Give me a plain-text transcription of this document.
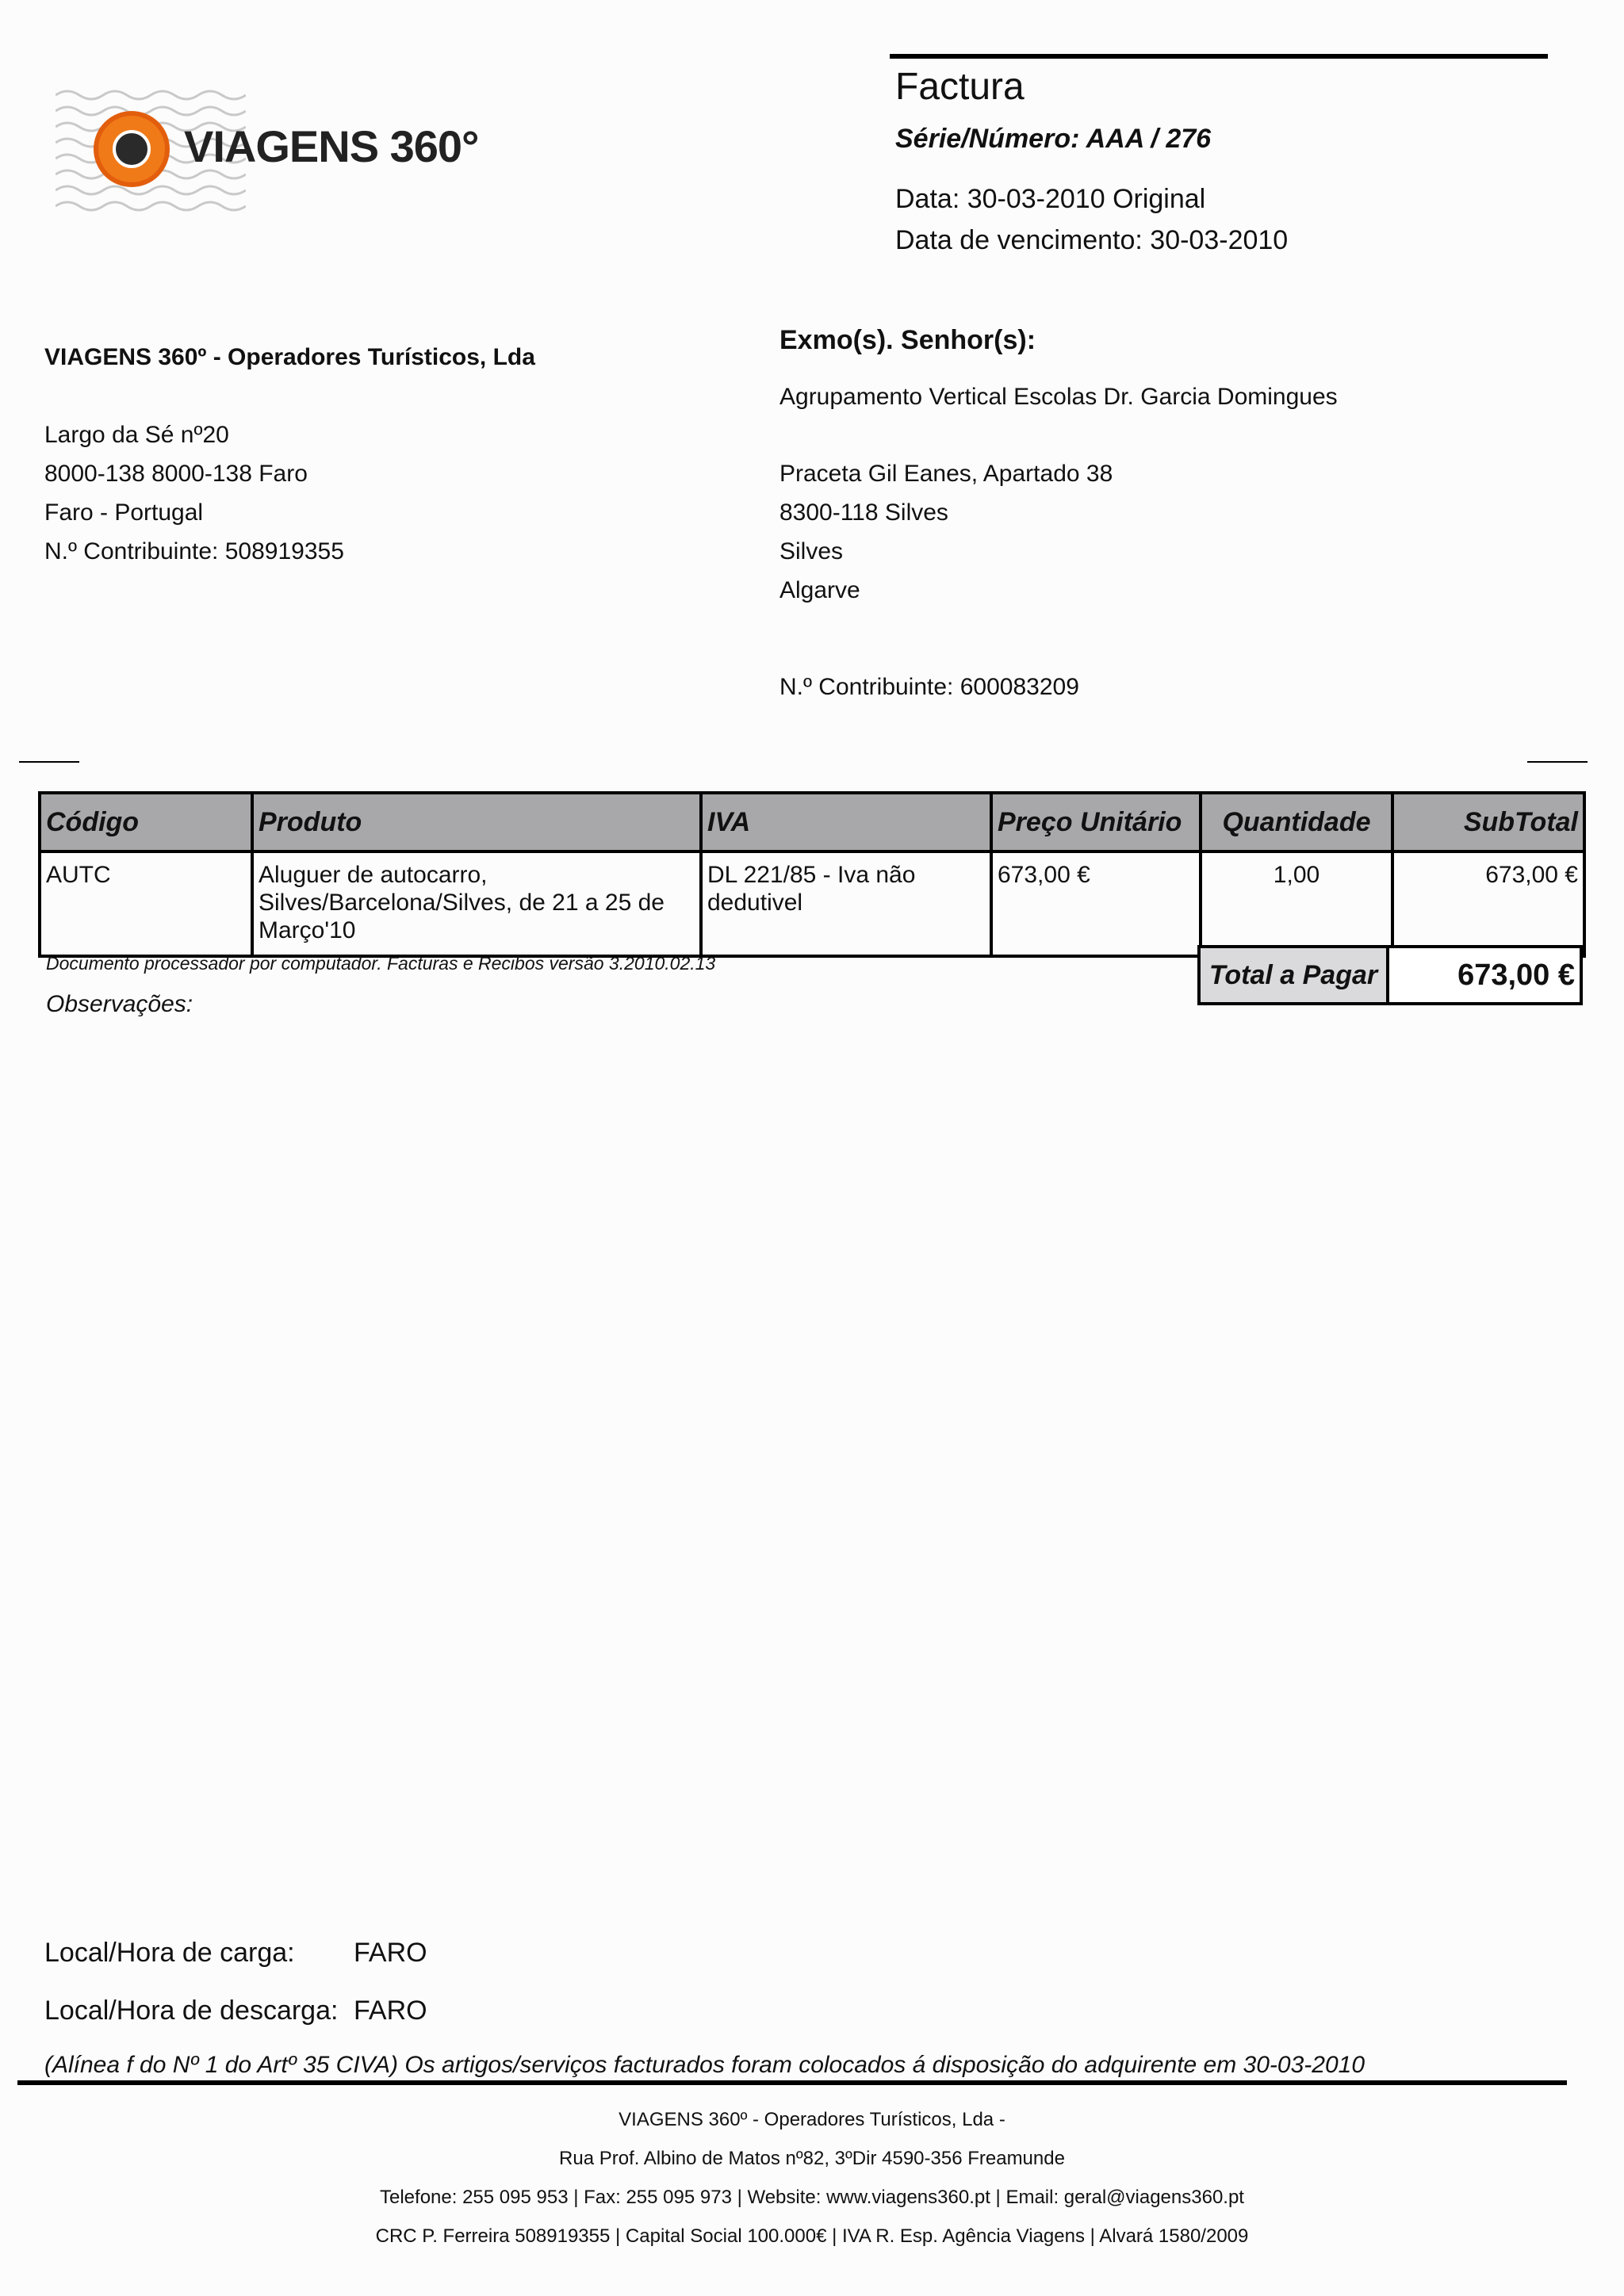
VIAGENS 360°
Factura
Série/Número: AAA / 276
Data: 30-03-2010 Original
Data de vencimento: 30-03-2010
VIAGENS 360º - Operadores Turísticos, Lda
Largo da Sé nº20
8000-138 8000-138 Faro
Faro - Portugal
N.º Contribuinte: 508919355
Exmo(s). Senhor(s):
Agrupamento Vertical Escolas Dr. Garcia Domingues
Praceta Gil Eanes, Apartado 38
8300-118 Silves
Silves
Algarve
N.º Contribuinte: 600083209
Código	Produto	IVA	Preço Unitário	Quantidade	SubTotal
AUTC	Aluguer de autocarro, Silves/Barcelona/Silves, de 21 a 25 de Março'10	DL 221/85 - Iva não dedutivel	673,00 €	1,00	673,00 €
Documento processador por computador. Facturas e Recibos versão 3.2010.02.13
Observações:
Total a Pagar	673,00 €
Local/Hora de carga: FARO
Local/Hora de descarga: FARO
(Alínea f do Nº 1 do Artº 35 CIVA) Os artigos/serviços facturados foram colocados á disposição do adquirente em 30-03-2010
VIAGENS 360º - Operadores Turísticos, Lda -
Rua Prof. Albino de Matos nº82, 3ºDir 4590-356 Freamunde
Telefone: 255 095 953 | Fax: 255 095 973 | Website: www.viagens360.pt | Email: geral@viagens360.pt
CRC P. Ferreira 508919355 | Capital Social 100.000€ | IVA R. Esp. Agência Viagens | Alvará 1580/2009
